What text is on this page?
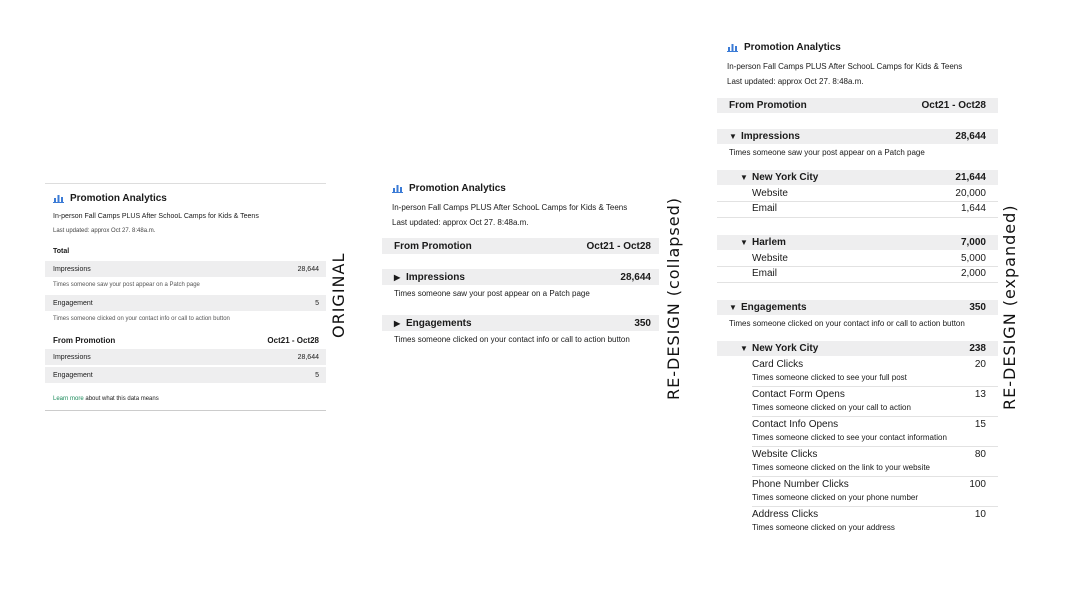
Promotion Analytics
In-person Fall Camps PLUS After SchooL Camps for Kids & Teens
Last updated: approx Oct 27. 8:48a.m.
Total
Impressions	28,644
Times someone saw your post appear on a Patch page
Engagement	5
Times someone clicked on your contact info or call to action button
From Promotion	Oct21 - Oct28
Impressions	28,644
Engagement	5
Learn more about what this data means
ORIGINAL
Promotion Analytics
In-person Fall Camps PLUS After SchooL Camps for Kids & Teens
Last updated: approx Oct 27. 8:48a.m.
From Promotion	Oct21 - Oct28
▶ Impressions	28,644
Times someone saw your post appear on a Patch page
▶ Engagements	350
Times someone clicked on your contact info or call to action button RE-DESIGN (collapsed)
Promotion Analytics
In-person Fall Camps PLUS After SchooL Camps for Kids & Teens
Last updated: approx Oct 27. 8:48a.m.
From Promotion	Oct21 - Oct28
▼ Impressions	28,644
Times someone saw your post appear on a Patch page
▼ New York City	21,644
Website	20,000
Email	1,644
▼ Harlem	7,000
Website	5,000
Email	2,000
▼ Engagements	350
Times someone clicked on your contact info or call to action button
▼ New York City	238
Card Clicks	20
Times someone clicked to see your full post
Contact Form Opens	13
Times someone clicked on your call to action
Contact Info Opens	15
Times someone clicked to see your contact information
Website Clicks	80
Times someone clicked on the link to your website
Phone Number Clicks	100
Times someone clicked on your phone number
Address Clicks	10
Times someone clicked on your address
RE-DESIGN (expanded)
